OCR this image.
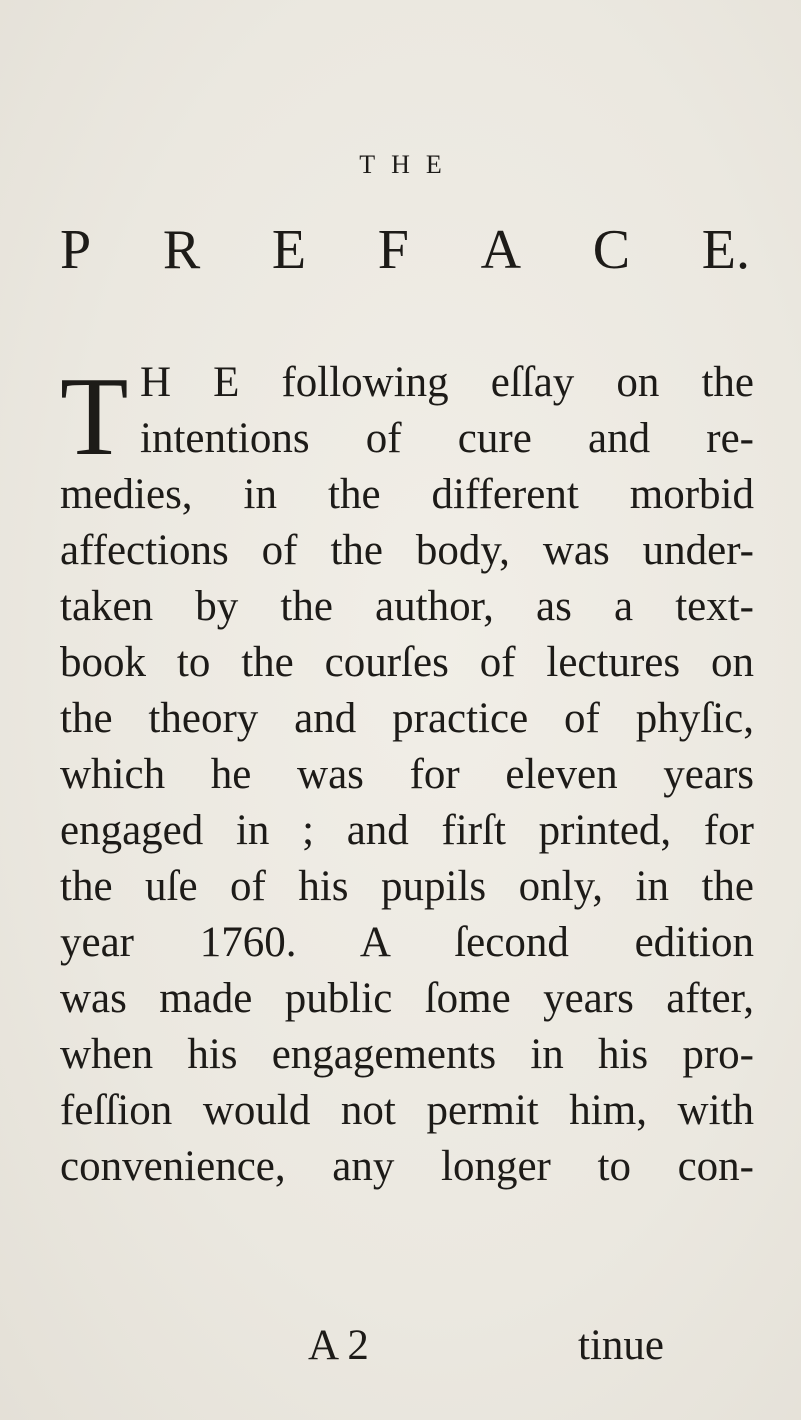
THE
P R E F A C E.
T H E following eſſay on the
intentions of cure and re-
medies, in the different morbid
affections of the body, was under-
taken by the author, as a text-
book to the courſes of lectures on
the theory and practice of phyſic,
which he was for eleven years
engaged in ; and firſt printed, for
the uſe of his pupils only, in the
year 1760. A ſecond edition
was made public ſome years after,
when his engagements in his pro-
feſſion would not permit him, with
convenience, any longer to con-
A 2	tinue
